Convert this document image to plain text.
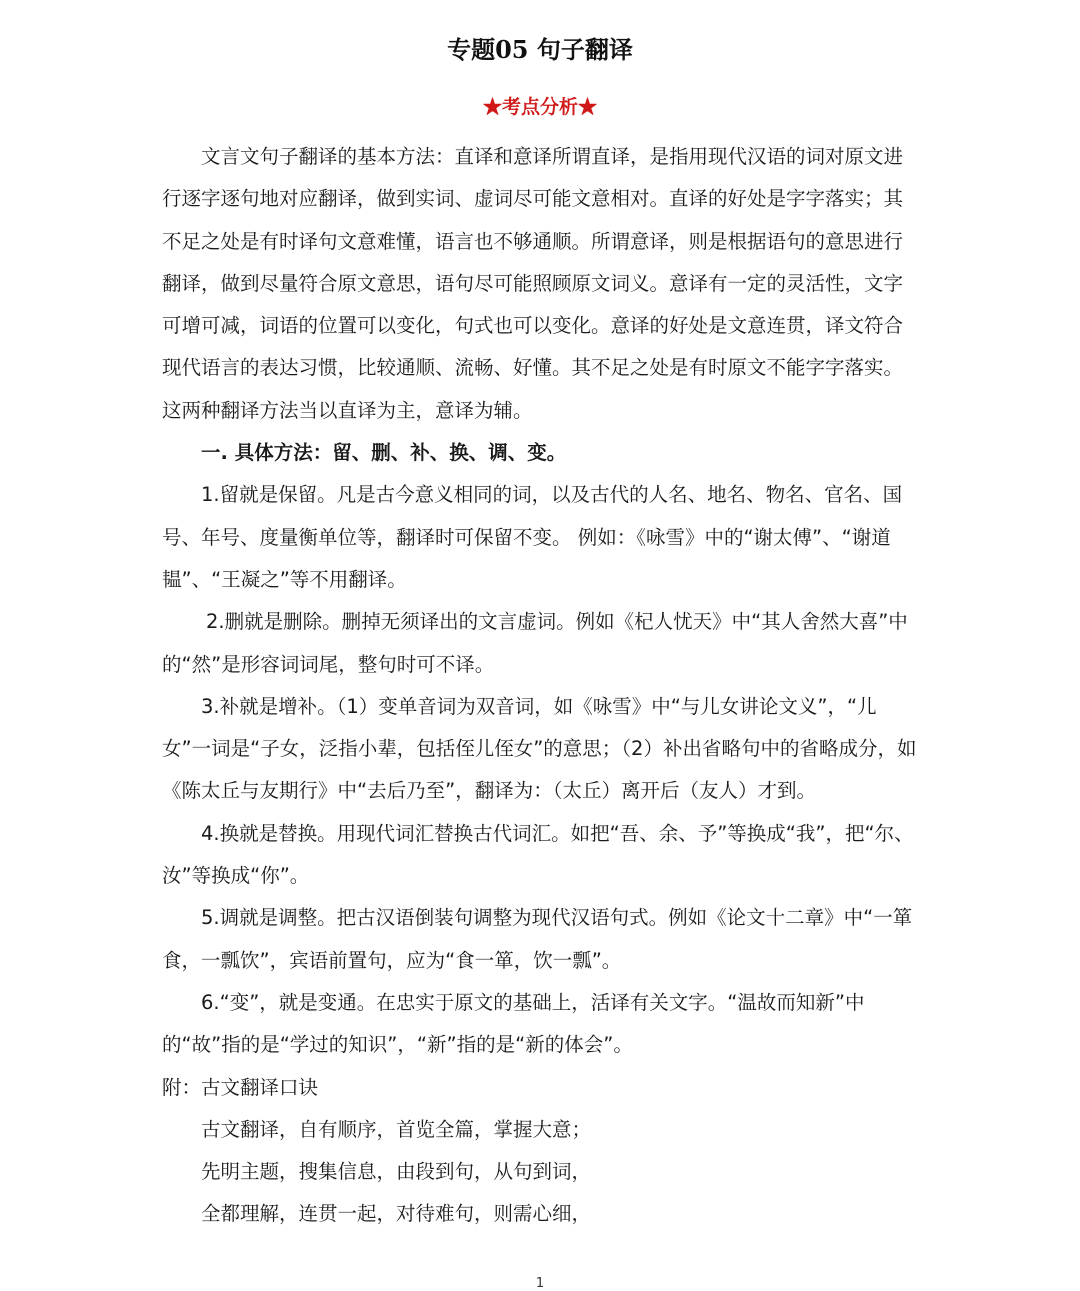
专题05 句子翻译
★考点分析★

文言文句子翻译的基本方法：直译和意译所谓直译，是指用现代汉语的词对原文进行逐字逐句地对应翻译，做到实词、虚词尽可能文意相对。直译的好处是字字落实；其不足之处是有时译句文意难懂，语言也不够通顺。所谓意译，则是根据语句的意思进行翻译，做到尽量符合原文意思，语句尽可能照顾原文词义。意译有一定的灵活性，文字可增可减，词语的位置可以变化，句式也可以变化。意译的好处是文意连贯，译文符合现代语言的表达习惯，比较通顺、流畅、好懂。其不足之处是有时原文不能字字落实。这两种翻译方法当以直译为主，意译为辅。

一. 具体方法：留、删、补、换、调、变。

1.留就是保留。凡是古今意义相同的词，以及古代的人名、地名、物名、官名、国号、年号、度量衡单位等，翻译时可保留不变。 例如：《咏雪》中的“谢太傅”、“谢道韫”、“王凝之”等不用翻译。

2.删就是删除。删掉无须译出的文言虚词。例如《杞人忧天》中“其人舍然大喜”中的“然”是形容词词尾，整句时可不译。

3.补就是增补。（1）变单音词为双音词，如《咏雪》中“与儿女讲论文义”，“儿女”一词是“子女，泛指小辈，包括侄儿侄女”的意思；（2）补出省略句中的省略成分，如《陈太丘与友期行》中“去后乃至”，翻译为：（太丘）离开后（友人）才到。

4.换就是替换。用现代词汇替换古代词汇。如把“吾、余、予”等换成“我”，把“尔、汝”等换成“你”。

5.调就是调整。把古汉语倒装句调整为现代汉语句式。例如《论文十二章》中“一箪食，一瓢饮”，宾语前置句，应为“食一箪，饮一瓢”。

6.“变”，就是变通。在忠实于原文的基础上，活译有关文字。“温故而知新”中的“故”指的是“学过的知识”，“新”指的是“新的体会”。

附：古文翻译口诀

古文翻译，自有顺序，首览全篇，掌握大意；

先明主题，搜集信息，由段到句，从句到词，

全都理解，连贯一起，对待难句，则需心细，

1
